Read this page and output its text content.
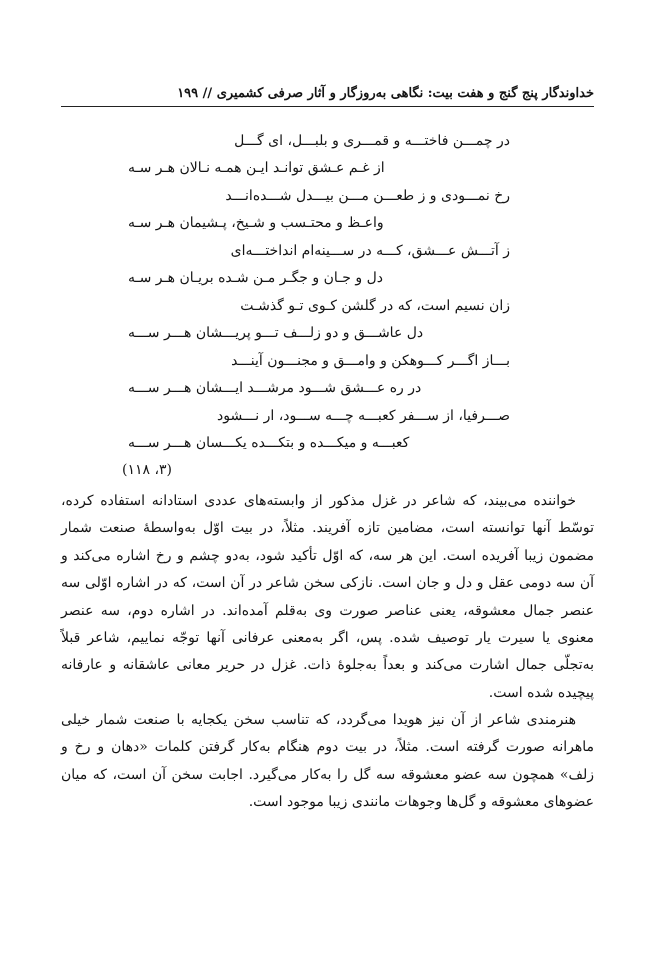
خداوندگار پنج گنج و هفت بیت: نگاهی به‌روزگار و آثار صرفی کشمیری // ۱۹۹
در چمـــن فاختـــه و قمـــری و بلبـــل، ای گـــل
از غـم عـشق توانـد ایـن همـه نـالان هـر سـه
رخ نمـــودی و ز طعـــن مـــن بیـــدل شـــده‌انـــد
واعـظ و محتـسب و شـیخ، پـشیمان هـر سـه
ز آتـــش عـــشق، کـــه در ســـینه‌ام انداختـــه‌ای
دل و جـان و جگـر مـن شـده بریـان هـر سـه
زان نسیم است، که در گلشن کـوی تـو گذشـت
دل عاشـــق و دو زلـــف تـــو پریـــشان هـــر ســـه
بـــاز اگـــر کـــوهکن و وامـــق و مجنـــون آینـــد
در ره عـــشق شـــود مرشـــد ایـــشان هـــر ســـه
صـــرفیا، از ســـفر کعبـــه چـــه ســـود، ار نـــشود
کعبـــه و میکـــده و بتکـــده یکـــسان هـــر ســـه
(۳، ۱۱۸)
خواننده می‌بیند، که شاعر در غزل مذکور از وابسته‌های عددی استادانه استفاده کرده، توسّط آنها توانسته است، مضامین تازه آفریند. مثلاً، در بیت اوّل به‌واسطهٔ صنعت شمار مضمون زیبا آفریده است. این هر سه، که اوّل تأکید شود، به‌دو چشم و رخ اشاره می‌کند و آن سه دومی عقل و دل و جان است. نازکی سخن شاعر در آن است، که در اشاره اوّلی سه عنصر جمال معشوقه، یعنی عناصر صورت وی به‌قلم آمده‌اند. در اشاره دوم، سه عنصر معنوی یا سیرت یار توصیف شده. پس، اگر به‌معنی عرفانی آنها توجّه نماییم، شاعر قبلاً به‌تجلّی جمال اشارت می‌کند و بعداً به‌جلوهٔ ذات. غزل در حریر معانی عاشقانه و عارفانه پیچیده شده است.
هنرمندی شاعر از آن نیز هویدا می‌گردد، که تناسب سخن یکجایه با صنعت شمار خیلی ماهرانه صورت گرفته است. مثلاً، در بیت دوم هنگام به‌کار گرفتن کلمات «دهان و رخ و زلف» همچون سه عضو معشوقه سه گل را به‌کار می‌گیرد. اجابت سخن آن است، که میان عضوهای معشوقه و گل‌ها وجوهات مانندی زیبا موجود است.
